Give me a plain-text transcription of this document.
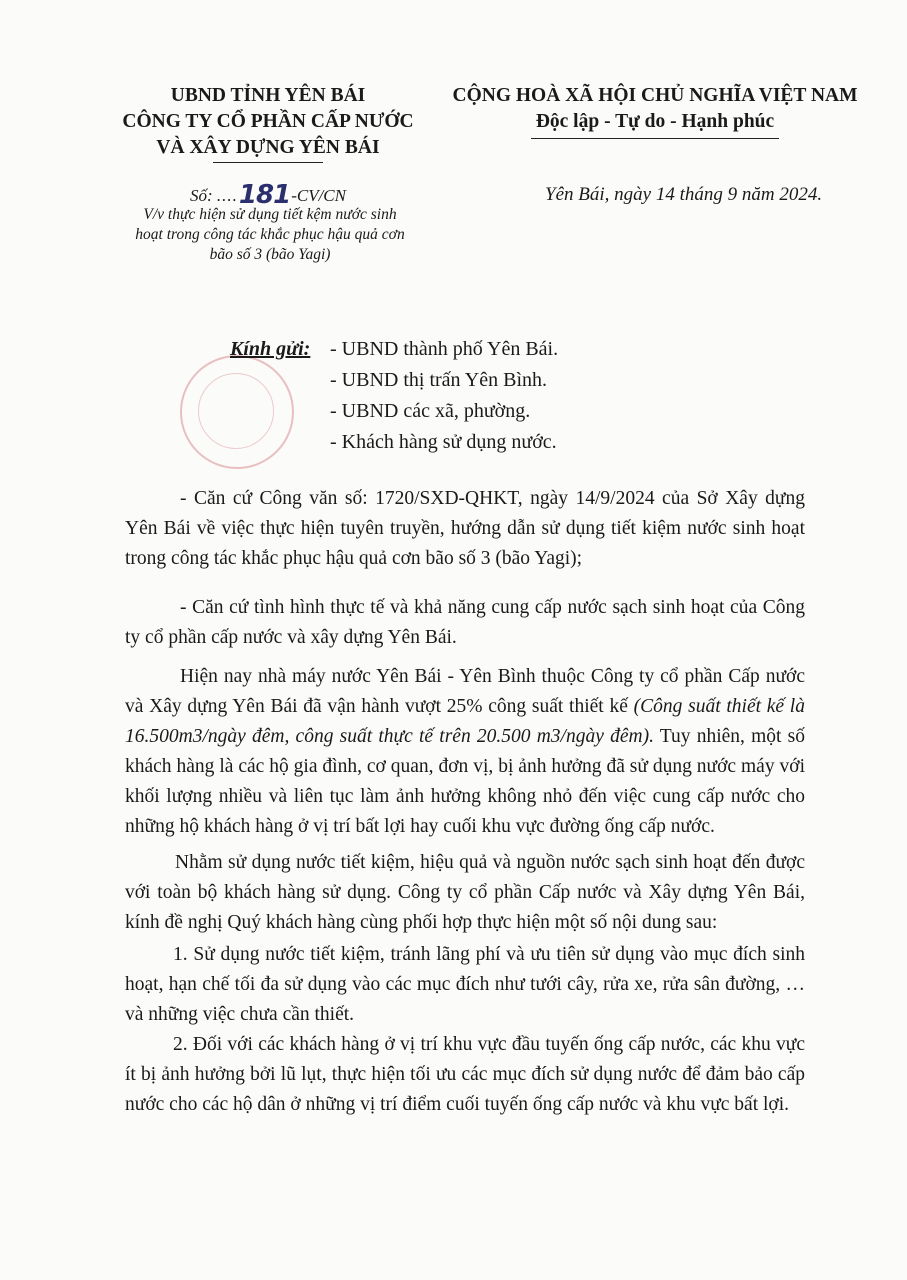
UBND TỈNH YÊN BÁI
CÔNG TY CỔ PHẦN CẤP NƯỚC
VÀ XÂY DỰNG YÊN BÁI
CỘNG HOÀ XÃ HỘI CHỦ NGHĨA VIỆT NAM
Độc lập - Tự do - Hạnh phúc
Số: ....181-CV/CN
V/v thực hiện sử dụng tiết kệm nước sinh
hoạt trong công tác khắc phục hậu quả cơn
bão số 3 (bão Yagi)
Yên Bái, ngày 14 tháng 9 năm 2024.
Kính gửi: - UBND thành phố Yên Bái.
- UBND thị trấn Yên Bình.
- UBND các xã, phường.
- Khách hàng sử dụng nước.

- Căn cứ Công văn số: 1720/SXD-QHKT, ngày 14/9/2024 của Sở Xây dựng Yên Bái về việc thực hiện tuyên truyền, hướng dẫn sử dụng tiết kiệm nước sinh hoạt trong công tác khắc phục hậu quả cơn bão số 3 (bão Yagi);

- Căn cứ tình hình thực tế và khả năng cung cấp nước sạch sinh hoạt của Công ty cổ phần cấp nước và xây dựng Yên Bái.

Hiện nay nhà máy nước Yên Bái - Yên Bình thuộc Công ty cổ phần Cấp nước và Xây dựng Yên Bái đã vận hành vượt 25% công suất thiết kế (Công suất thiết kế là 16.500m3/ngày đêm, công suất thực tế trên 20.500 m3/ngày đêm). Tuy nhiên, một số khách hàng là các hộ gia đình, cơ quan, đơn vị, bị ảnh hưởng đã sử dụng nước máy với khối lượng nhiều và liên tục làm ảnh hưởng không nhỏ đến việc cung cấp nước cho những hộ khách hàng ở vị trí bất lợi hay cuối khu vực đường ống cấp nước.

Nhằm sử dụng nước tiết kiệm, hiệu quả và nguồn nước sạch sinh hoạt đến được với toàn bộ khách hàng sử dụng. Công ty cổ phần Cấp nước và Xây dựng Yên Bái, kính đề nghị Quý khách hàng cùng phối hợp thực hiện một số nội dung sau:

1. Sử dụng nước tiết kiệm, tránh lãng phí và ưu tiên sử dụng vào mục đích sinh hoạt, hạn chế tối đa sử dụng vào các mục đích như tưới cây, rửa xe, rửa sân đường, … và những việc chưa cần thiết.

2. Đối với các khách hàng ở vị trí khu vực đầu tuyến ống cấp nước, các khu vực ít bị ảnh hưởng bởi lũ lụt, thực hiện tối ưu các mục đích sử dụng nước để đảm bảo cấp nước cho các hộ dân ở những vị trí điểm cuối tuyến ống cấp nước và khu vực bất lợi.
